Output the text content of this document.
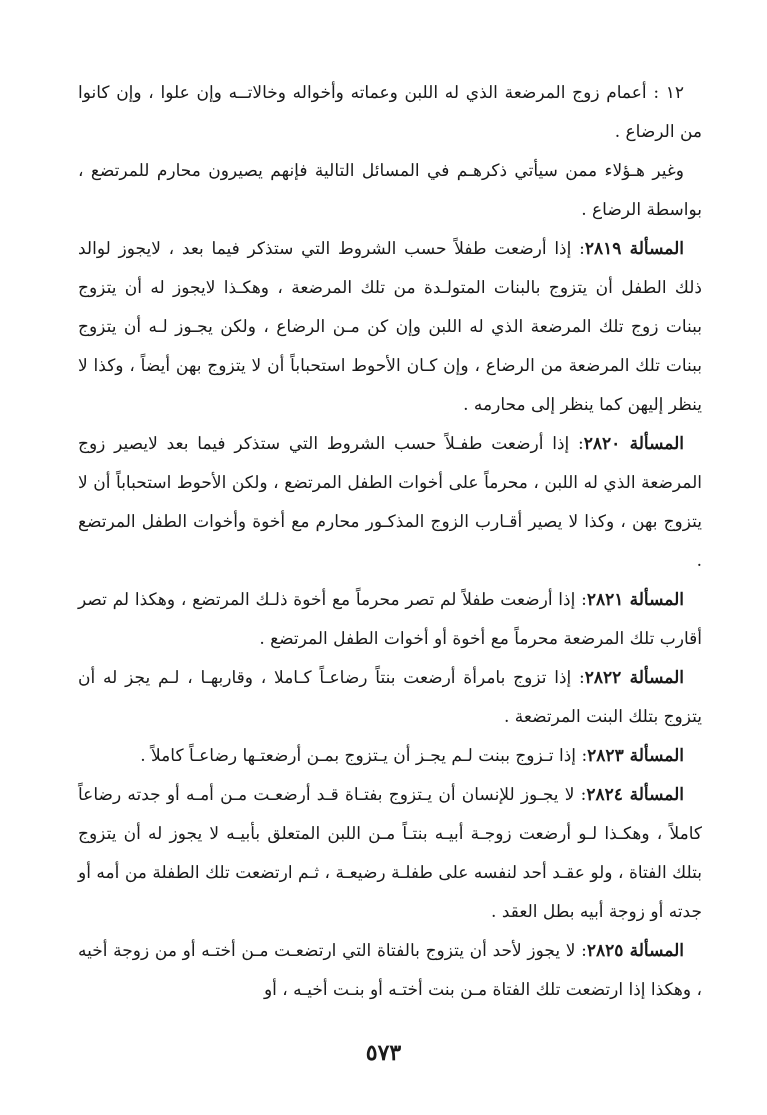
١٢ : أعمام زوج المرضعة الذي له اللبن وعماته وأخواله وخالاتــه وإن علوا ، وإن كانوا من الرضاع .

وغير هـؤلاء ممن سيأتي ذكرهـم في المسائل التالية فإنهم يصيرون محارم للمرتضع ، بواسطة الرضاع .

المسألة ٢٨١٩: إذا أرضعت طفلاً حسب الشروط التي ستذكر فيما بعد ، لايجوز لوالد ذلك الطفل أن يتزوج بالبنات المتولـدة من تلك المرضعة ، وهكـذا لايجوز له أن يتزوج ببنات زوج تلك المرضعة الذي له اللبن وإن كن مـن الرضاع ، ولكن يجـوز لـه أن يتزوج ببنات تلك المرضعة من الرضاع ، وإن كـان الأحوط استحباباً أن لا يتزوج بهن أيضاً ، وكذا لا ينظر إليهن كما ينظر إلى محارمه .

المسألة ٢٨٢٠: إذا أرضعت طفـلاً حسب الشروط التي ستذكر فيما بعد لايصير زوج المرضعة الذي له اللبن ، محرماً على أخوات الطفل المرتضع ، ولكن الأحوط استحباباً أن لا يتزوج بهن ، وكذا لا يصير أقـارب الزوج المذكـور محارم مع أخوة وأخوات الطفل المرتضع .

المسألة ٢٨٢١: إذا أرضعت طفلاً لم تصر محرماً مع أخوة ذلـك المرتضع ، وهكذا لم تصر أقارب تلك المرضعة محرماً مع أخوة أو أخوات الطفل المرتضع .

المسألة ٢٨٢٢: إذا تزوج بامرأة أرضعت بنتاً رضاعـاً كـاملا ، وقاربهـا ، لـم يجز له أن يتزوج بتلك البنت المرتضعة .

المسألة ٢٨٢٣: إذا تـزوج ببنت لـم يجـز أن يـتزوج بمـن أرضعتـها رضاعـاً كاملاً .

المسألة ٢٨٢٤: لا يجـوز للإنسان أن يـتزوج بفتـاة قـد أرضعـت مـن أمـه أو جدته رضاعاً كاملاً ، وهكـذا لـو أرضعت زوجـة أبيـه بنتـاً مـن اللبن المتعلق بأبيـه لا يجوز له أن يتزوج بتلك الفتاة ، ولو عقـد أحد لنفسه على طفلـة رضيعـة ، ثـم ارتضعت تلك الطفلة من أمه أو جدته أو زوجة أبيه بطل العقد .

المسألة ٢٨٢٥: لا يجوز لأحد أن يتزوج بالفتاة التي ارتضعـت مـن أختـه أو من زوجة أخيه ، وهكذا إذا ارتضعت تلك الفتاة مـن بنت أختـه أو بنـت أخيـه ، أو

٥٧٣
